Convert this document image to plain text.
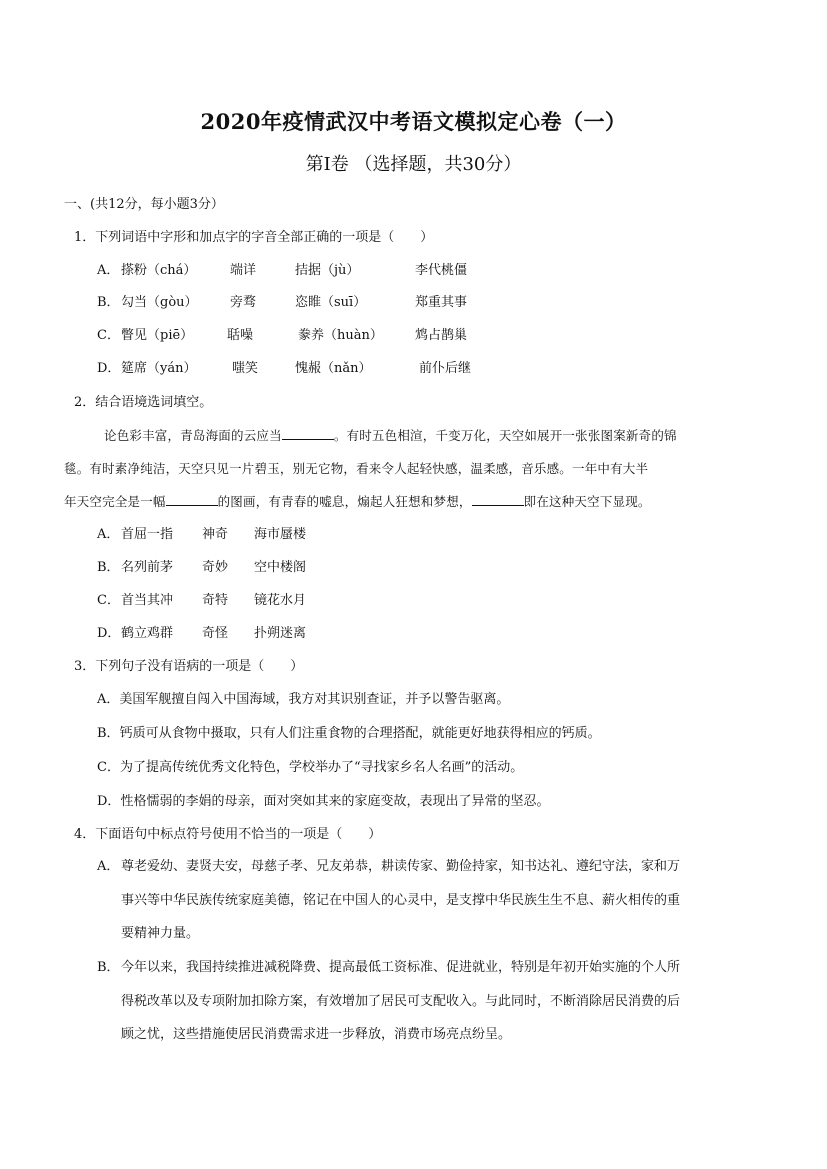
2020年疫情武汉中考语文模拟定心卷（一）
第Ⅰ卷 （选择题，共30分）
一、(共12分，每小题3分）
1．下列词语中字形和加点字的字音全部正确的一项是（　　）
A． 搽粉（chá）	端详	拮据（jù）	李代桃僵
B． 勾当（gòu） 旁骛	恣睢（suī）	郑重其事
C． 瞥见（piē）	聒噪	豢养（huàn） 鸩占鹊巢
D． 筵席（yán）	嗤笑	愧赧（nǎn）	前仆后继
2．结合语境选词填空。
论色彩丰富，青岛海面的云应当	。有时五色相渲，千变万化，天空如展开一张张图案新奇的锦
毯。有时素净纯洁，天空只见一片碧玉，别无它物，看来令人起轻快感，温柔感，音乐感。一年中有大半
年天空完全是一幅	的图画，有青春的嘘息，煽起人狂想和梦想，	即在这种天空下显现。
A． 首屈一指 神奇 海市蜃楼
B． 名列前茅 奇妙 空中楼阁
C． 首当其冲 奇特 镜花水月
D． 鹤立鸡群 奇怪 扑朔迷离
3．下列句子没有语病的一项是（　　）
A．美国军舰擅自闯入中国海域，我方对其识别查证，并予以警告驱离。
B．钙质可从食物中摄取，只有人们注重食物的合理搭配，就能更好地获得相应的钙质。
C．为了提高传统优秀文化特色，学校举办了“寻找家乡名人名画”的活动。
D．性格懦弱的李娟的母亲，面对突如其来的家庭变故，表现出了异常的坚忍。
4．下面语句中标点符号使用不恰当的一项是（　　）
A． 尊老爱幼、妻贤夫安，母慈子孝、兄友弟恭，耕读传家、勤俭持家，知书达礼、遵纪守法，家和万
事兴等中华民族传统家庭美德，铭记在中国人的心灵中，是支撑中华民族生生不息、薪火相传的重
要精神力量。
B． 今年以来，我国持续推进减税降费、提高最低工资标准、促进就业，特别是年初开始实施的个人所
得税改革以及专项附加扣除方案，有效增加了居民可支配收入。与此同时，不断消除居民消费的后
顾之忧，这些措施使居民消费需求进一步释放，消费市场亮点纷呈。
